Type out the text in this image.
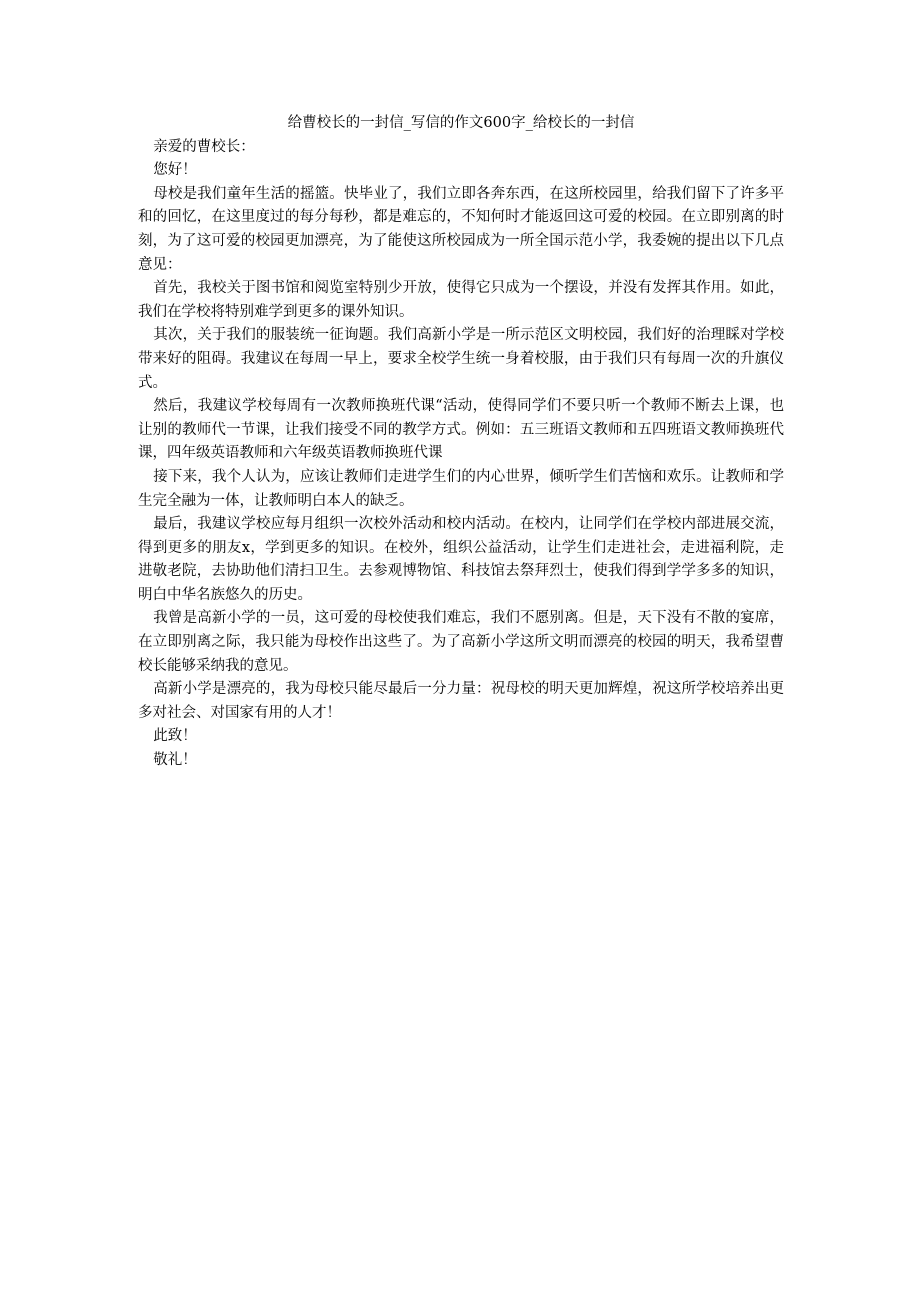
给曹校长的一封信_写信的作文600字_给校长的一封信

亲爱的曹校长：

您好！

母校是我们童年生活的摇篮。快毕业了，我们立即各奔东西，在这所校园里，给我们留下了许多平和的回忆，在这里度过的每分每秒，都是难忘的，不知何时才能返回这可爱的校园。在立即别离的时刻，为了这可爱的校园更加漂亮，为了能使这所校园成为一所全国示范小学，我委婉的提出以下几点意见：

首先，我校关于图书馆和阅览室特别少开放，使得它只成为一个摆设，并没有发挥其作用。如此，我们在学校将特别难学到更多的课外知识。

其次，关于我们的服装统一征询题。我们高新小学是一所示范区文明校园，我们好的治理睬对学校带来好的阻碍。我建议在每周一早上，要求全校学生统一身着校服，由于我们只有每周一次的升旗仪式。

然后，我建议学校每周有一次教师换班代课“活动，使得同学们不要只听一个教师不断去上课，也让别的教师代一节课，让我们接受不同的教学方式。例如：五三班语文教师和五四班语文教师换班代课，四年级英语教师和六年级英语教师换班代课

接下来，我个人认为，应该让教师们走进学生们的内心世界，倾听学生们苦恼和欢乐。让教师和学生完全融为一体，让教师明白本人的缺乏。

最后，我建议学校应每月组织一次校外活动和校内活动。在校内，让同学们在学校内部进展交流，得到更多的朋友x，学到更多的知识。在校外，组织公益活动，让学生们走进社会，走进福利院，走进敬老院，去协助他们清扫卫生。去参观博物馆、科技馆去祭拜烈士，使我们得到学学多多的知识，明白中华名族悠久的历史。

我曾是高新小学的一员，这可爱的母校使我们难忘，我们不愿别离。但是，天下没有不散的宴席，在立即别离之际，我只能为母校作出这些了。为了高新小学这所文明而漂亮的校园的明天，我希望曹校长能够采纳我的意见。

高新小学是漂亮的，我为母校只能尽最后一分力量：祝母校的明天更加辉煌，祝这所学校培养出更多对社会、对国家有用的人才！

此致！

敬礼！
